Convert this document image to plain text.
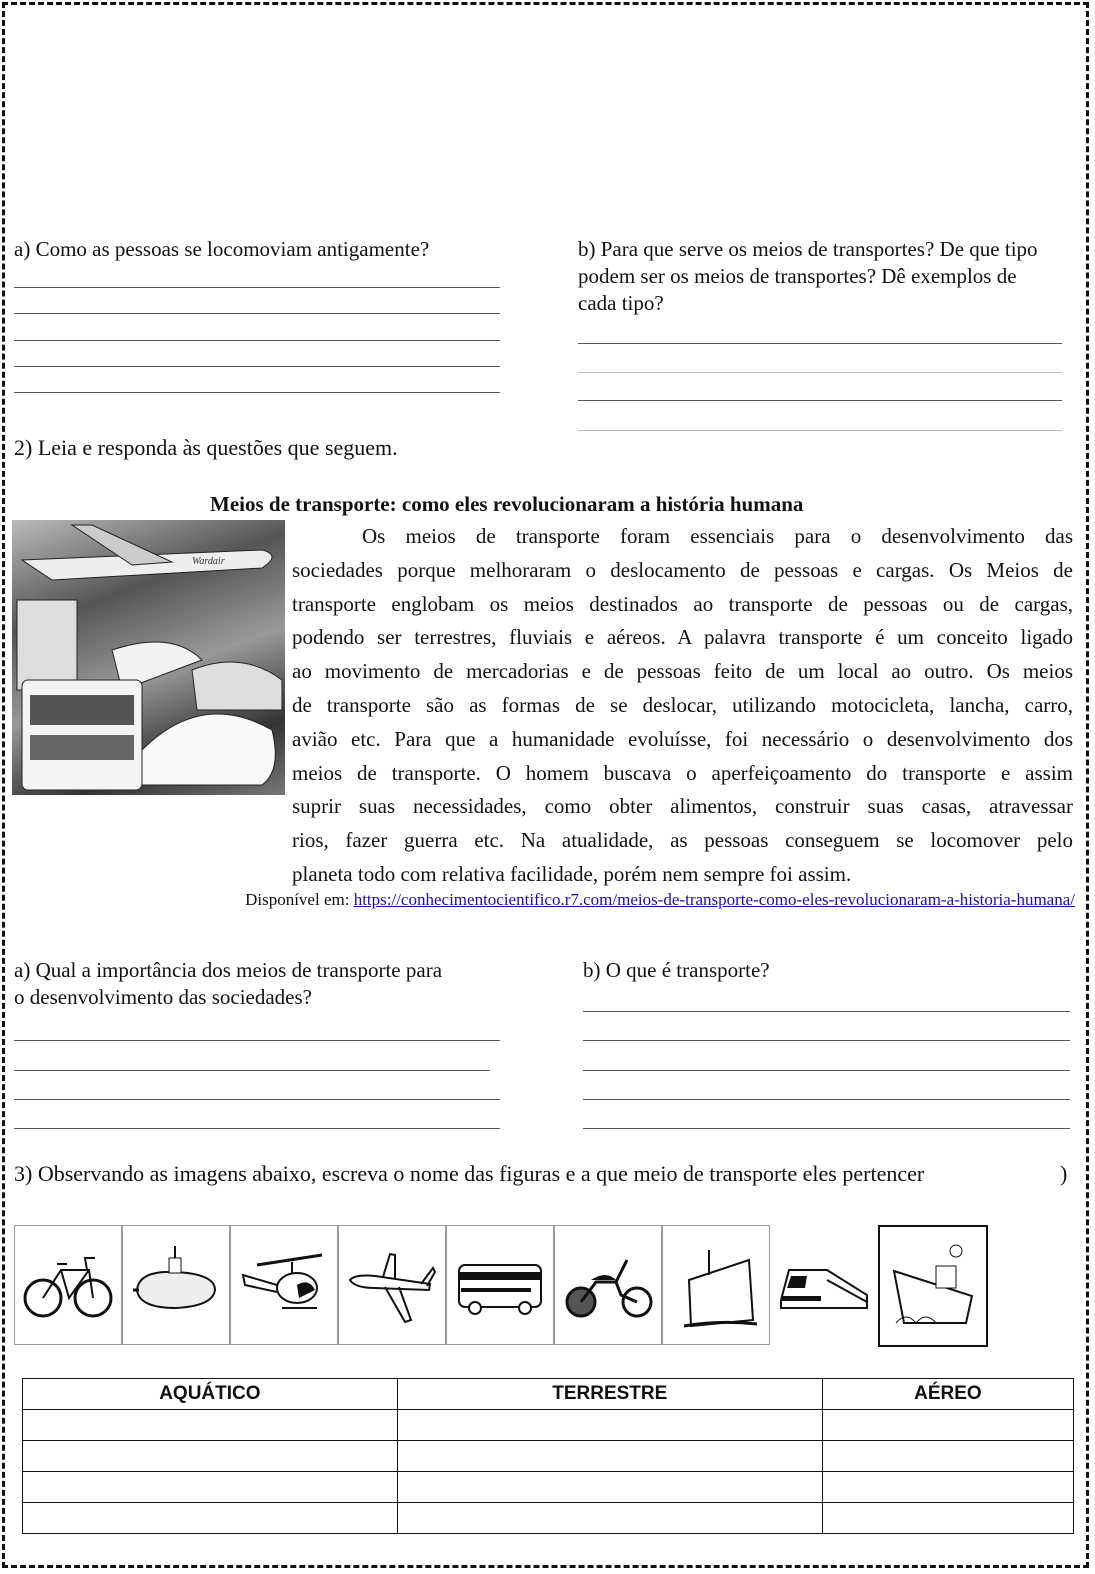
a) Como as pessoas se locomoviam antigamente?	b) Para que serve os meios de transportes? De que tipo
podem ser os meios de transportes? Dê exemplos de
cada tipo?
2) Leia e responda às questões que seguem.
Meios de transporte: como eles revolucionaram a história humana
Wardair
Os meios de transporte foram essenciais para o desenvolvimento das
sociedades porque melhoraram o deslocamento de pessoas e cargas. Os Meios de
transporte englobam os meios destinados ao transporte de pessoas ou de cargas,
podendo ser terrestres, fluviais e aéreos. A palavra transporte é um conceito ligado
ao movimento de mercadorias e de pessoas feito de um local ao outro. Os meios
de transporte são as formas de se deslocar, utilizando motocicleta, lancha, carro,
avião etc. Para que a humanidade evoluísse, foi necessário o desenvolvimento dos
meios de transporte. O homem buscava o aperfeiçoamento do transporte e assim
suprir suas necessidades, como obter alimentos, construir suas casas, atravessar
rios, fazer guerra etc. Na atualidade, as pessoas conseguem se locomover pelo
planeta todo com relativa facilidade, porém nem sempre foi assim.
Disponível em: https://conhecimentocientifico.r7.com/meios-de-transporte-como-eles-revolucionaram-a-historia-humana/
a) Qual a importância dos meios de transporte para
o desenvolvimento das sociedades?
b) O que é transporte?
3) Observando as imagens abaixo, escreva o nome das figuras e a que meio de transporte eles pertencer	)
AQUÁTICO	TERRESTRE	AÉREO
